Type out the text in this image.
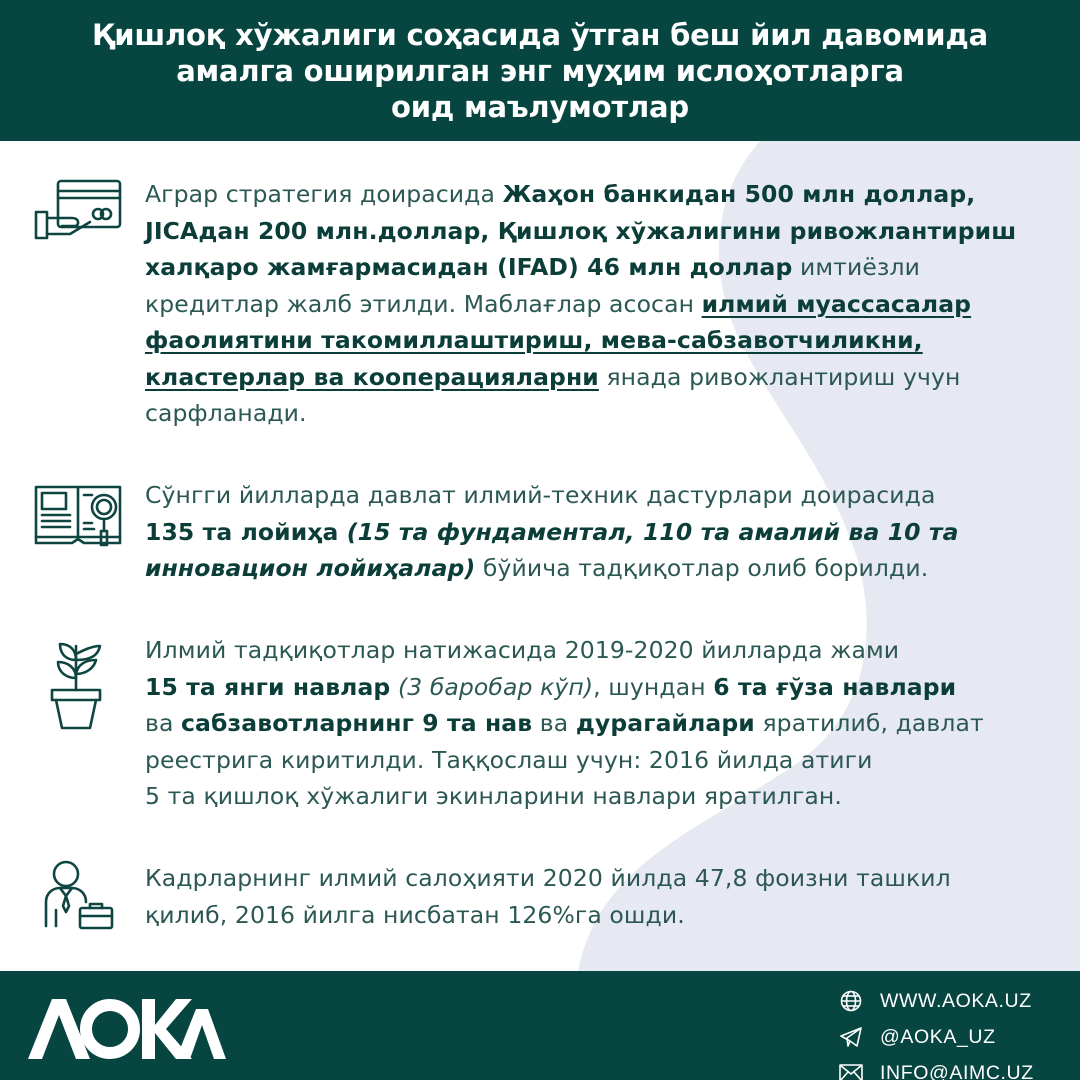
Қишлоқ хўжалиги соҳасида ўтган беш йил давомида
амалга оширилган энг муҳим ислоҳотларга
оид маълумотлар
Аграр стратегия доирасида Жаҳон банкидан 500 млн доллар,
JICAдан 200 млн.доллар, Қишлоқ хўжалигини ривожлантириш
халқаро жамғармасидан (IFAD) 46 млн доллар имтиёзли
кредитлар жалб этилди. Маблағлар асосан илмий муассасалар
фаолиятини такомиллаштириш, мева-сабзавотчиликни,
кластерлар ва кооперацияларни янада ривожлантириш учун
сарфланади.
Сўнгги йилларда давлат илмий-техник дастурлари доирасида
135 та лойиҳа (15 та фундаментал, 110 та амалий ва 10 та
инновацион лойиҳалар) бўйича тадқиқотлар олиб борилди.
Илмий тадқиқотлар натижасида 2019-2020 йилларда жами
15 та янги навлар (3 баробар кўп), шундан 6 та ғўза навлари
ва сабзавотларнинг 9 та нав ва дурагайлари яратилиб, давлат
реестрига киритилди. Таққослаш учун: 2016 йилда атиги
5 та қишлоқ хўжалиги экинларини навлари яратилган.
Кадрларнинг илмий салоҳияти 2020 йилда 47,8 фоизни ташкил
қилиб, 2016 йилга нисбатан 126%га ошди.
WWW.AOKA.UZ
@AOKA_UZ
INFO@AIMC.UZ
